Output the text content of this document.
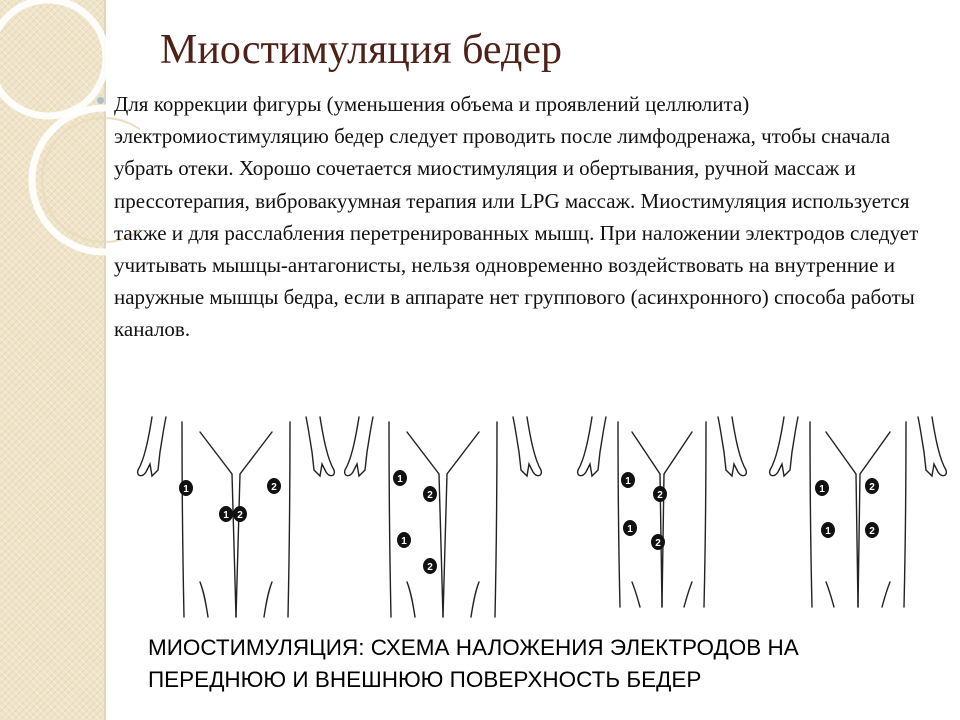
Миостимуляция бедер

Для коррекции фигуры (уменьшения объема и проявлений целлюлита) электромиостимуляцию бедер следует проводить после лимфодренажа, чтобы сначала убрать отеки. Хорошо сочетается миостимуляция и обертывания, ручной массаж и прессотерапия, вибровакуумная терапия или LPG массаж. Миостимуляция используется также и для расслабления перетренированных мышц. При наложении электродов следует учитывать мышцы-антагонисты, нельзя одновременно воздействовать на внутренние и наружные мышцы бедра, если в аппарате нет группового (асинхронного) способа работы каналов.

1	2
1 2
1
2
1
2
1
2
1
2
1	2
1	2

МИОСТИМУЛЯЦИЯ: СХЕМА НАЛОЖЕНИЯ ЭЛЕКТРОДОВ НА
ПЕРЕДНЮЮ И ВНЕШНЮЮ ПОВЕРХНОСТЬ БЕДЕР
